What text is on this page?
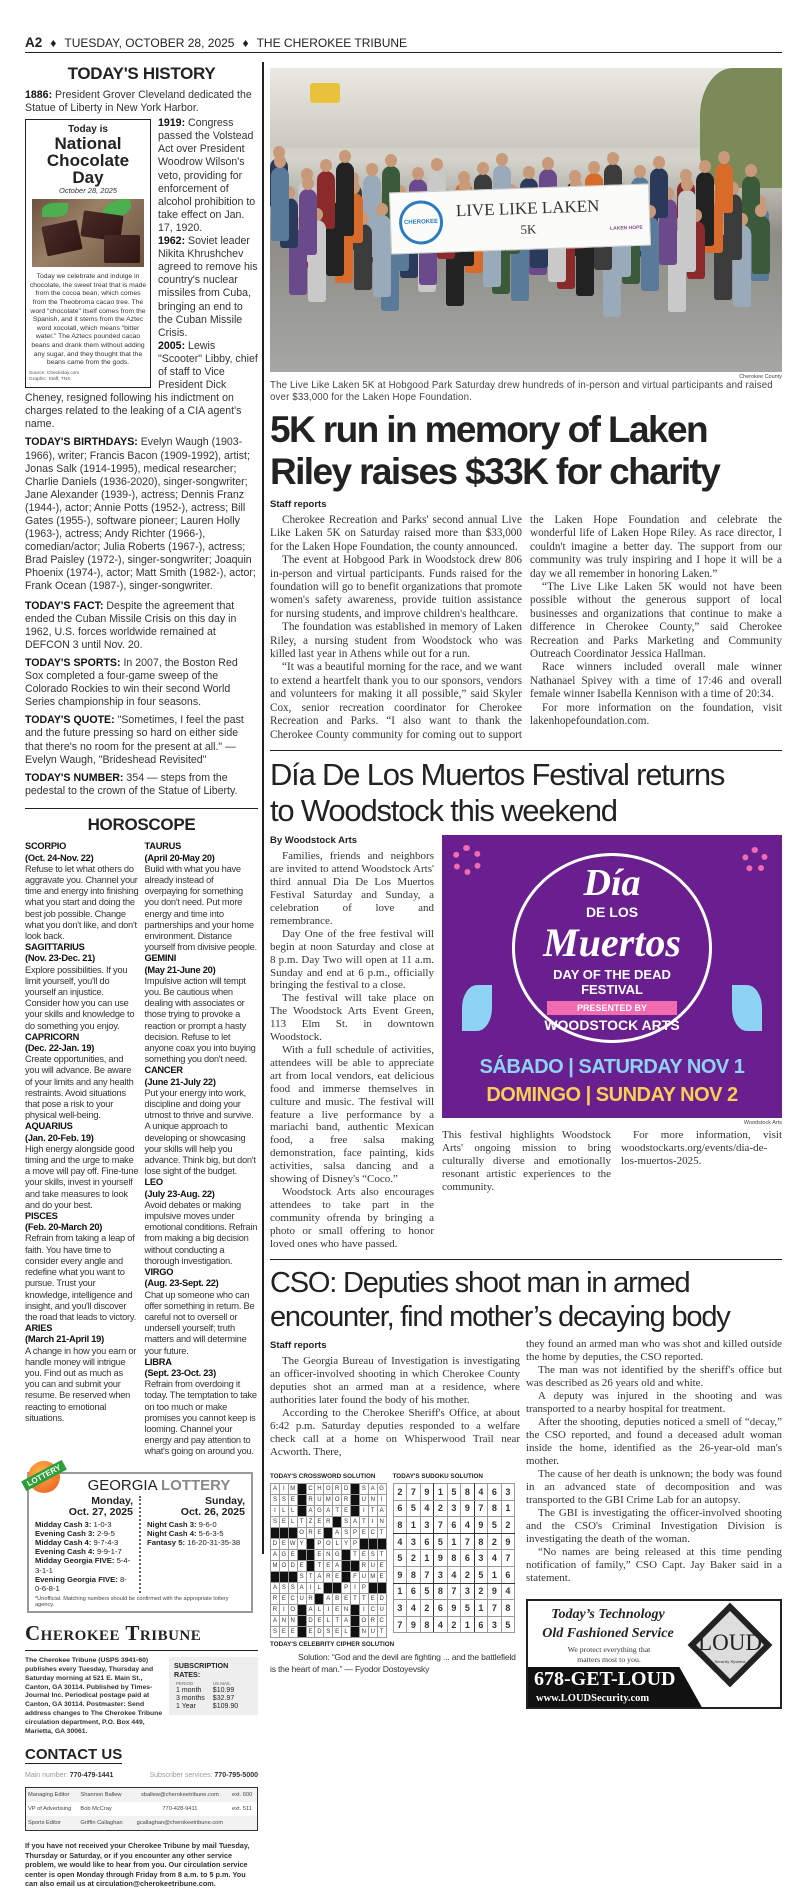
A2 ♦ TUESDAY, OCTOBER 28, 2025 ♦ THE CHEROKEE TRIBUNE
TODAY'S HISTORY
1886: President Grover Cleveland dedicated the Statue of Liberty in New York Harbor.
Today is
National Chocolate Day
October 28, 2025
Today we celebrate and indulge in chocolate, the sweet treat that is made from the cocoa bean, which comes from the Theobroma cacao tree. The word "chocolate" itself comes from the Spanish, and it stems from the Aztec word xocolatl, which means "bitter water." The Aztecs pounded cacao beans and drank them without adding any sugar, and they thought that the beans came from the gods.
Source: Checkiday.com
Graphic: Staff, TNS
1919: Congress passed the Volstead Act over President Woodrow Wilson's veto, providing for enforcement of alcohol prohibition to take effect on Jan. 17, 1920.
1962: Soviet leader Nikita Khrushchev agreed to remove his country's nuclear missiles from Cuba, bringing an end to the Cuban Missile Crisis.
2005: Lewis "Scooter" Libby, chief of staff to Vice President Dick Cheney, resigned following his indictment on charges related to the leaking of a CIA agent's name.
TODAY'S BIRTHDAYS: Evelyn Waugh (1903-1966), writer; Francis Bacon (1909-1992), artist; Jonas Salk (1914-1995), medical researcher; Charlie Daniels (1936-2020), singer-songwriter; Jane Alexander (1939-), actress; Dennis Franz (1944-), actor; Annie Potts (1952-), actress; Bill Gates (1955-), software pioneer; Lauren Holly (1963-), actress; Andy Richter (1966-), comedian/actor; Julia Roberts (1967-), actress; Brad Paisley (1972-), singer-songwriter; Joaquin Phoenix (1974-), actor; Matt Smith (1982-), actor; Frank Ocean (1987-), singer-songwriter.
TODAY'S FACT: Despite the agreement that ended the Cuban Missile Crisis on this day in 1962, U.S. forces worldwide remained at DEFCON 3 until Nov. 20.
TODAY'S SPORTS: In 2007, the Boston Red Sox completed a four-game sweep of the Colorado Rockies to win their second World Series championship in four seasons.
TODAY'S QUOTE: "Sometimes, I feel the past and the future pressing so hard on either side that there's no room for the present at all." — Evelyn Waugh, "Brideshead Revisited"
TODAY'S NUMBER: 354 — steps from the pedestal to the crown of the Statue of Liberty.
HOROSCOPE
SCORPIO
(Oct. 24-Nov. 22)
Refuse to let what others do aggravate you. Channel your time and energy into finishing what you start and doing the best job possible. Change what you don't like, and don't look back.
SAGITTARIUS
(Nov. 23-Dec. 21)
Explore possibilities. If you limit yourself, you'll do yourself an injustice. Consider how you can use your skills and knowledge to do something you enjoy.
CAPRICORN
(Dec. 22-Jan. 19)
Create opportunities, and you will advance. Be aware of your limits and any health restraints. Avoid situations that pose a risk to your physical well-being.
AQUARIUS
(Jan. 20-Feb. 19)
High energy alongside good timing and the urge to make a move will pay off. Fine-tune your skills, invest in yourself and take measures to look and do your best.
PISCES
(Feb. 20-March 20)
Refrain from taking a leap of faith. You have time to consider every angle and redefine what you want to pursue. Trust your knowledge, intelligence and insight, and you'll discover the road that leads to victory.
ARIES
(March 21-April 19)
A change in how you earn or handle money will intrigue you. Find out as much as you can and submit your resume. Be reserved when reacting to emotional situations.
TAURUS
(April 20-May 20)
Build with what you have already instead of overpaying for something you don't need. Put more energy and time into partnerships and your home environment. Distance yourself from divisive people.
GEMINI
(May 21-June 20)
Impulsive action will tempt you. Be cautious when dealing with associates or those trying to provoke a reaction or prompt a hasty decision. Refuse to let anyone coax you into buying something you don't need.
CANCER
(June 21-July 22)
Put your energy into work, discipline and doing your utmost to thrive and survive. A unique approach to developing or showcasing your skills will help you advance. Think big, but don't lose sight of the budget.
LEO
(July 23-Aug. 22)
Avoid debates or making impulsive moves under emotional conditions. Refrain from making a big decision without conducting a thorough investigation.
VIRGO
(Aug. 23-Sept. 22)
Chat up someone who can offer something in return. Be careful not to oversell or undersell yourself; truth matters and will determine your future.
LIBRA
(Sept. 23-Oct. 23)
Refrain from overdoing it today. The temptation to take on too much or make promises you cannot keep is looming. Channel your energy and pay attention to what's going on around you.
LOTTERY	GEORGIA LOTTERY
Monday,
Oct. 27, 2025
Midday Cash 3: 1-0-3
Evening Cash 3: 2-9-5
Midday Cash 4: 9-7-4-3
Evening Cash 4: 9-9-1-7
Midday Georgia FIVE: 5-4-3-1-1
Evening Georgia FIVE: 8-0-6-8-1
Sunday,
Oct. 26, 2025
Night Cash 3: 9-6-0
Night Cash 4: 5-6-3-5
Fantasy 5: 16-20-31-35-38
*Unofficial. Matching numbers should be confirmed with the appropriate lottery agency.
Cherokee Tribune
The Cherokee Tribune (USPS 3941-60) publishes every Tuesday, Thursday and Saturday morning at 521 E. Main St., Canton, GA 30114. Published by Times-Journal Inc. Periodical postage paid at Canton, GA 30114. Postmaster: Send address changes to The Cherokee Tribune circulation department, P.O. Box 449, Marietta, GA 30061.
SUBSCRIPTION RATES:
PERIOD	US MAIL
1 month	$10.99
3 months	$32.97
1 Year	$109.90
CONTACT US
Main number: 770-479-1441	Subscriber services: 770-795-5000
Managing Editor	Shannon Ballew	sballew@cherokeetribune.com	ext. 600
VP of Advertising	Bob McCray	770-428-9411	ext. 511
Sports Editor	Griffin Callaghan	gcallaghan@cherokeetribune.com	
If you have not received your Cherokee Tribune by mail Tuesday, Thursday or Saturday, or if you encounter any other service problem, we would like to hear from you. Our circulation service center is open Monday through Friday from 8 a.m. to 5 p.m. You can also email us at circulation@cherokeetribune.com.
CHEROKEE
LIVE LIKE LAKEN
5K	LAKEN HOPE
Cherokee County
The Live Like Laken 5K at Hobgood Park Saturday drew hundreds of in-person and virtual participants and raised over $33,000 for the Laken Hope Foundation.
5K run in memory of Laken
Riley raises $33K for charity
Staff reports

Cherokee Recreation and Parks' second annual Live Like Laken 5K on Saturday raised more than $33,000 for the Laken Hope Foundation, the county announced.

The event at Hobgood Park in Woodstock drew 806 in-person and virtual participants. Funds raised for the foundation will go to benefit organizations that promote women's safety awareness, provide tuition assistance for nursing students, and improve children's healthcare.

The foundation was established in memory of Laken Riley, a nursing student from Woodstock who was killed last year in Athens while out for a run.

“It was a beautiful morning for the race, and we want to extend a heartfelt thank you to our sponsors, vendors and volunteers for making it all possible,” said Skyler Cox, senior recreation coordinator for Cherokee Recreation and Parks. “I also want to thank the Cherokee County community for coming out to support the Laken Hope Foundation and celebrate the wonderful life of Laken Hope Riley. As race director, I couldn't imagine a better day. The support from our community was truly inspiring and I hope it will be a day we all remember in honoring Laken.”

“The Live Like Laken 5K would not have been possible without the generous support of local businesses and organizations that continue to make a difference in Cherokee County,” said Cherokee Recreation and Parks Marketing and Community Outreach Coordinator Jessica Hallman.

Race winners included overall male winner Nathanael Spivey with a time of 17:46 and overall female winner Isabella Kennison with a time of 20:34.

For more information on the foundation, visit lakenhopefoundation.com.

Día De Los Muertos Festival returns
to Woodstock this weekend
By Woodstock Arts

Families, friends and neighbors are invited to attend Woodstock Arts' third annual Dia De Los Muertos Festival Saturday and Sunday, a celebration of love and remembrance.

Day One of the free festival will begin at noon Saturday and close at 8 p.m. Day Two will open at 11 a.m. Sunday and end at 6 p.m., officially bringing the festival to a close.

The festival will take place on The Woodstock Arts Event Green, 113 Elm St. in downtown Woodstock.

With a full schedule of activities, attendees will be able to appreciate art from local vendors, eat delicious food and immerse themselves in culture and music. The festival will feature a live performance by a mariachi band, authentic Mexican food, a free salsa making demonstration, face painting, kids activities, salsa dancing and a showing of Disney's “Coco.”

Woodstock Arts also encourages attendees to take part in the community ofrenda by bringing a photo or small offering to honor loved ones who have passed.

Día
DE LOS
Muertos
DAY OF THE DEAD
FESTIVAL
PRESENTED BY
WOODSTOCK ARTS
SÁBADO | SATURDAY NOV 1
DOMINGO | SUNDAY NOV 2
Woodstock Arts

This festival highlights Woodstock Arts' ongoing mission to bring culturally diverse and emotionally resonant artistic experiences to the community.

For more information, visit woodstockarts.org/events/dia-de-los-muertos-2025.

CSO: Deputies shoot man in armed
encounter, find mother’s decaying body
Staff reports

The Georgia Bureau of Investigation is investigating an officer-involved shooting in which Cherokee County deputies shot an armed man at a residence, where authorities later found the body of his mother.

According to the Cherokee Sheriff's Office, at about 6:42 p.m. Saturday deputies responded to a welfare check call at a home on Whisperwood Trail near Acworth. There,

TODAY'S CROSSWORD SOLUTION
A	I	M		C	H	O	R	D		S	A	G
S	S	E		R	U	M	O	R		U	N	I
I	L	L		A	G	A	T	E		I	T	A
S	E	L	T	Z	E	R		S	A	T	I	N
			O	R	E		A	S	P	E	C	T
D	E	W	Y		P	O	L	Y	P			
A	G	E			E	N	G		T	E	S	T
M	O	D	E		T	E	A			R	U	E
			S	T	A	R	E		F	U	M	E
A	S	S	A	I	L			P	I	P		
R	E	C	U	R		A	B	E	T	T	E	D
R	I	O		A	L	I	E	N		I	C	U
A	N	N		D	E	L	T	A		O	R	C
S	E	E		E	D	S	E	L		N	U	T
TODAY'S SUDOKU SOLUTION
2	7	9	1	5	8	4	6	3
6	5	4	2	3	9	7	8	1
8	1	3	7	6	4	9	5	2
4	3	6	5	1	7	8	2	9
5	2	1	9	8	6	3	4	7
9	8	7	3	4	2	5	1	6
1	6	5	8	7	3	2	9	4
3	4	2	6	9	5	1	7	8
7	9	8	4	2	1	6	3	5
TODAY'S CELEBRITY CIPHER SOLUTION
Solution: “God and the devil are fighting ... and the battlefield is the heart of man.” — Fyodor Dostoyevsky

they found an armed man who was shot and killed outside the home by deputies, the CSO reported.

The man was not identified by the sheriff's office but was described as 26 years old and white.

A deputy was injured in the shooting and was transported to a nearby hospital for treatment.

After the shooting, deputies noticed a smell of “decay,” the CSO reported, and found a deceased adult woman inside the home, identified as the 26-year-old man's mother.

The cause of her death is unknown; the body was found in an advanced state of decomposition and was transported to the GBI Crime Lab for an autopsy.

The GBI is investigating the officer-involved shooting and the CSO's Criminal Investigation Division is investigating the death of the woman.

“No names are being released at this time pending notification of family,” CSO Capt. Jay Baker said in a statement.

Today’s Technology
Old Fashioned Service
We protect everything that matters most to you.
LOUD
Security Systems
678-GET-LOUD
www.LOUDSecurity.com
